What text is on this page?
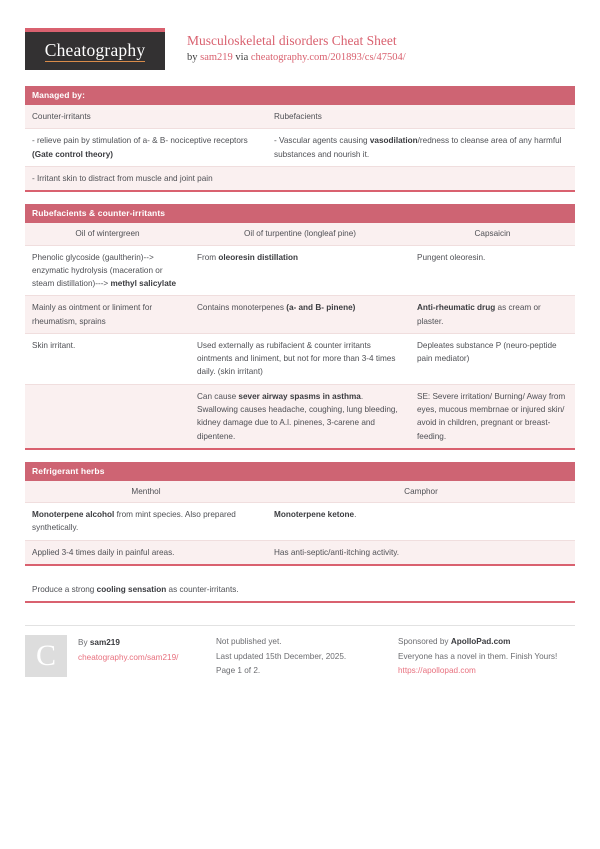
Cheatography	Musculoskeletal disorders Cheat Sheet
by sam219 via cheatography.com/201893/cs/47504/
Managed by:
Counter-irritants	Rubefacients
- relieve pain by stimulation of a- & B- nociceptive receptors (Gate control theory)	- Vascular agents causing vasodilation/redness to cleanse area of any harmful substances and nourish it.
- Irritant skin to distract from muscle and joint pain	
Rubefacients & counter-irritants
Oil of wintergreen	Oil of turpentine (longleaf pine)	Capsaicin
Phenolic glycoside (gaultherin)--> enzymatic hydrolysis (maceration or steam distillation)---> methyl salicylate	From oleoresin distillation	Pungent oleoresin.
Mainly as ointment or liniment for rheumatism, sprains	Contains monoterpenes (a- and B- pinene)	Anti-rheumatic drug as cream or plaster.
Skin irritant.	Used externally as rubifacient & counter irritants ointments and liniment, but not for more than 3-4 times daily. (skin irritant)	Depleates substance P (neuro-peptide pain mediator)
	Can cause sever airway spasms in asthma. Swallowing causes headache, coughing, lung bleeding, kidney damage due to A.l. pinenes, 3-carene and dipentene.	SE: Severe irritation/ Burning/ Away from eyes, mucous membrnae or injured skin/ avoid in children, pregnant or breast-feeding.
Refrigerant herbs
Menthol	Camphor
Monoterpene alcohol from mint species. Also prepared synthetically.	Monoterpene ketone.
Applied 3-4 times daily in painful areas.	Has anti-septic/anti-itching activity.
Produce a strong cooling sensation as counter-irritants.
C	By sam219
cheatography.com/sam219/
Not published yet.
Last updated 15th December, 2025.
Page 1 of 2.
Sponsored by ApolloPad.com
Everyone has a novel in them. Finish Yours!
https://apollopad.com
